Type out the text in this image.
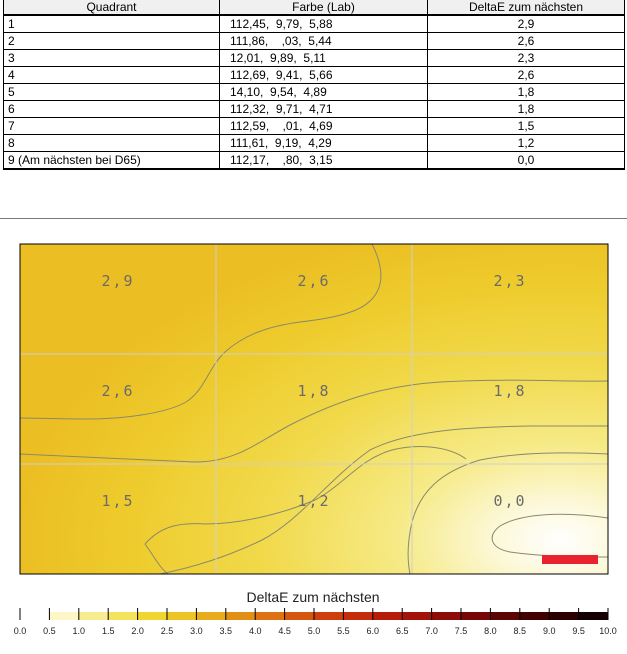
Quadrant	Farbe (Lab)	DeltaE zum nächsten
1	112,45,  9,79,  5,88	2,9
2	111,86,    ,03,  5,44	2,6
3	12,01,  9,89,  5,11	2,3
4	112,69,  9,41,  5,66	2,6
5	14,10,  9,54,  4,89	1,8
6	112,32,  9,71,  4,71	1,8
7	112,59,    ,01,  4,69	1,5
8	111,61,  9,19,  4,29	1,2
9 (Am nächsten bei D65)	112,17,    ,80,  3,15	0,0
2,9	2,6	2,3
2,6	1,8	1,8
1,5	1,2	0,0
DeltaE zum nächsten
0.0 0.5 1.0 1.5 2.0 2.5 3.0 3.5 4.0 4.5 5.0 5.5 6.0 6.5 7.0 7.5 8.0 8.5 9.0 9.5 10.0
